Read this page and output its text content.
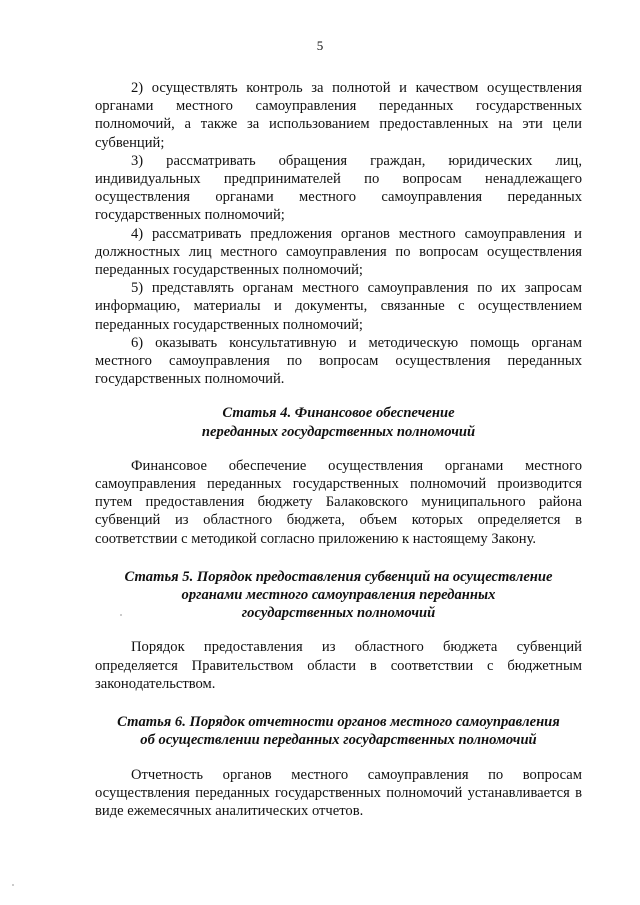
5

2) осуществлять контроль за полнотой и качеством осуществления органами местного самоуправления переданных государственных полномочий, а также за использованием предоставленных на эти цели субвенций;

3) рассматривать обращения граждан, юридических лиц, индивидуальных предпринимателей по вопросам ненадлежащего осуществления органами местного самоуправления переданных государственных полномочий;

4) рассматривать предложения органов местного самоуправления и должностных лиц местного самоуправления по вопросам осуществления переданных государственных полномочий;

5) представлять органам местного самоуправления по их запросам информацию, материалы и документы, связанные с осуществлением переданных государственных полномочий;

6) оказывать консультативную и методическую помощь органам местного самоуправления по вопросам осуществления переданных государственных полномочий.

Статья 4. Финансовое обеспечение
переданных государственных полномочий

Финансовое обеспечение осуществления органами местного самоуправления переданных государственных полномочий производится путем предоставления бюджету Балаковского муниципального района субвенций из областного бюджета, объем которых определяется в соответствии с методикой согласно приложению к настоящему Закону.

Статья 5. Порядок предоставления субвенций на осуществление
органами местного самоуправления переданных
государственных полномочий

Порядок предоставления из областного бюджета субвенций определяется Правительством области в соответствии с бюджетным законодательством.

Статья 6. Порядок отчетности органов местного самоуправления
об осуществлении переданных государственных полномочий

Отчетность органов местного самоуправления по вопросам осуществления переданных государственных полномочий устанавливается в виде ежемесячных аналитических отчетов.
